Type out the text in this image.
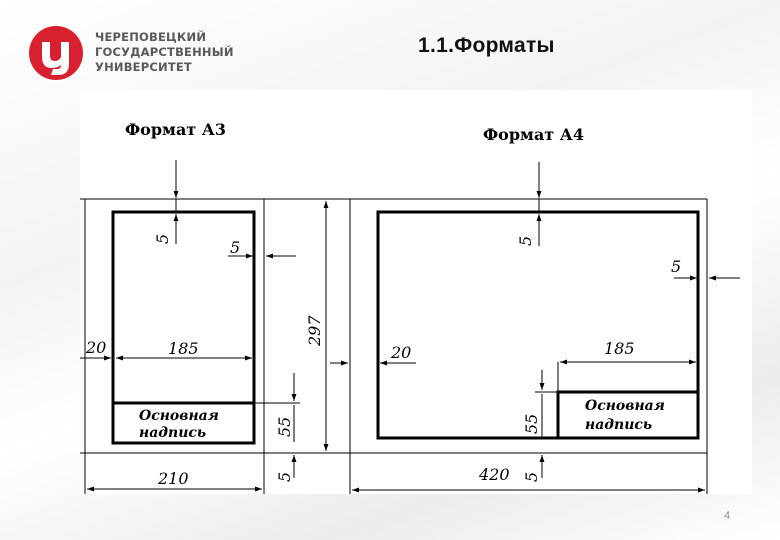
ЧЕРЕПОВЕЦКИЙ
ГОСУДАРСТВЕННЫЙ
УНИВЕРСИТЕТ
1.1.Форматы
Формат А3	Формат А4
Основная
надпись
Основная
надпись
5	5
20	185
55
5
210
297
5
5
20	185
55
5
420
4
